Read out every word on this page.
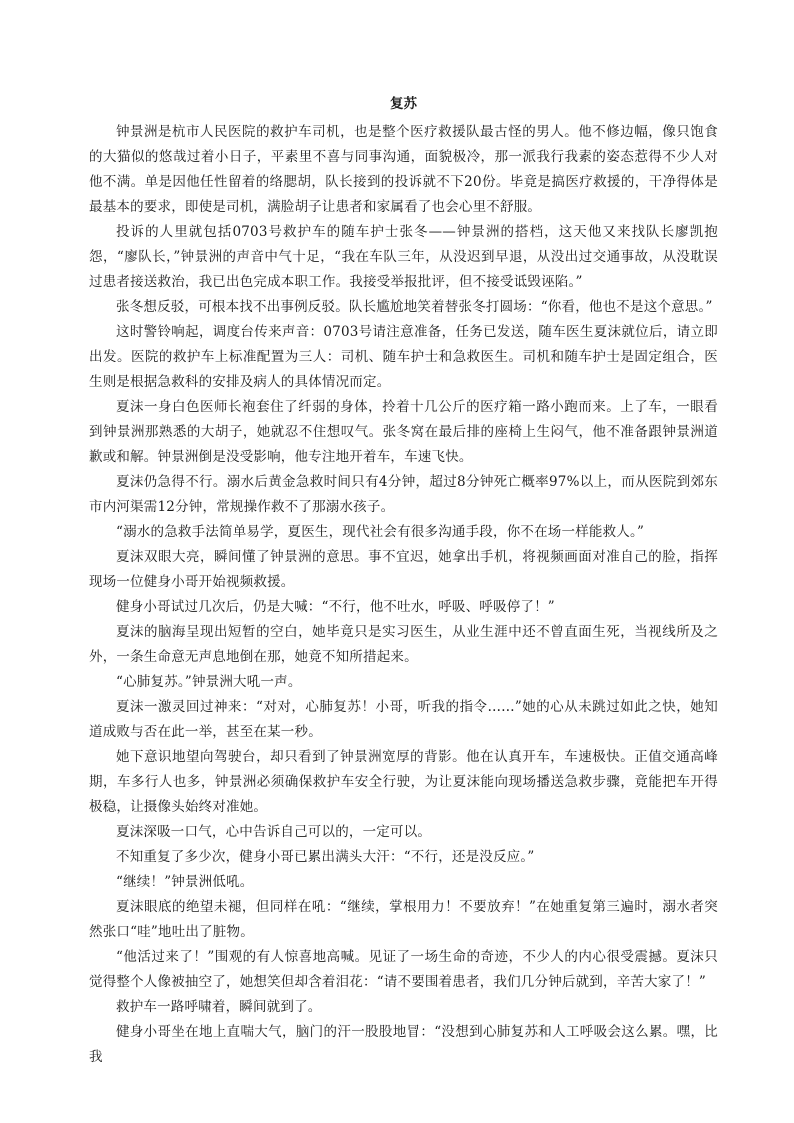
复苏

钟景洲是杭市人民医院的救护车司机，也是整个医疗救援队最古怪的男人。他不修边幅，像只饱食的大猫似的悠哉过着小日子，平素里不喜与同事沟通，面貌极冷，那一派我行我素的姿态惹得不少人对他不满。单是因他任性留着的络腮胡，队长接到的投诉就不下20份。毕竟是搞医疗救援的，干净得体是最基本的要求，即使是司机，满脸胡子让患者和家属看了也会心里不舒服。

投诉的人里就包括0703号救护车的随车护士张冬——钟景洲的搭档，这天他又来找队长廖凯抱怨，“廖队长，”钟景洲的声音中气十足，“我在车队三年，从没迟到早退，从没出过交通事故，从没耽误过患者接送救治，我已出色完成本职工作。我接受举报批评，但不接受诋毁诬陷。”

张冬想反驳，可根本找不出事例反驳。队长尴尬地笑着替张冬打圆场：“你看，他也不是这个意思。”

这时警铃响起，调度台传来声音：0703号请注意准备，任务已发送，随车医生夏沫就位后，请立即出发。医院的救护车上标准配置为三人：司机、随车护士和急救医生。司机和随车护士是固定组合，医生则是根据急救科的安排及病人的具体情况而定。

夏沫一身白色医师长袍套住了纤弱的身体，拎着十几公斤的医疗箱一路小跑而来。上了车，一眼看到钟景洲那熟悉的大胡子，她就忍不住想叹气。张冬窝在最后排的座椅上生闷气，他不准备跟钟景洲道歉或和解。钟景洲倒是没受影响，他专注地开着车，车速飞快。

夏沫仍急得不行。溺水后黄金急救时间只有4分钟，超过8分钟死亡概率97%以上，而从医院到郊东市内河渠需12分钟，常规操作救不了那溺水孩子。

“溺水的急救手法简单易学，夏医生，现代社会有很多沟通手段，你不在场一样能救人。”

夏沫双眼大亮，瞬间懂了钟景洲的意思。事不宜迟，她拿出手机，将视频画面对准自己的脸，指挥现场一位健身小哥开始视频救援。

健身小哥试过几次后，仍是大喊：“不行，他不吐水，呼吸、呼吸停了！”

夏沫的脑海呈现出短暂的空白，她毕竟只是实习医生，从业生涯中还不曾直面生死，当视线所及之外，一条生命意无声息地倒在那，她竟不知所措起来。

“心肺复苏。”钟景洲大吼一声。

夏沫一激灵回过神来：“对对，心肺复苏！小哥，听我的指令……”她的心从未跳过如此之快，她知道成败与否在此一举，甚至在某一秒。

她下意识地望向驾驶台，却只看到了钟景洲宽厚的背影。他在认真开车，车速极快。正值交通高峰期，车多行人也多，钟景洲必须确保救护车安全行驶，为让夏沫能向现场播送急救步骤，竟能把车开得极稳，让摄像头始终对准她。

夏沫深吸一口气，心中告诉自己可以的，一定可以。

不知重复了多少次，健身小哥已累出满头大汗：“不行，还是没反应。”

“继续！”钟景洲低吼。

夏沫眼底的绝望未褪，但同样在吼：“继续，掌根用力！不要放弃！”在她重复第三遍时，溺水者突然张口“哇”地吐出了脏物。

“他活过来了！”围观的有人惊喜地高喊。见证了一场生命的奇迹，不少人的内心很受震撼。夏沫只觉得整个人像被抽空了，她想笑但却含着泪花：“请不要围着患者，我们几分钟后就到，辛苦大家了！”

救护车一路呼啸着，瞬间就到了。

健身小哥坐在地上直喘大气，脑门的汗一股股地冒：“没想到心肺复苏和人工呼吸会这么累。嘿，比我
